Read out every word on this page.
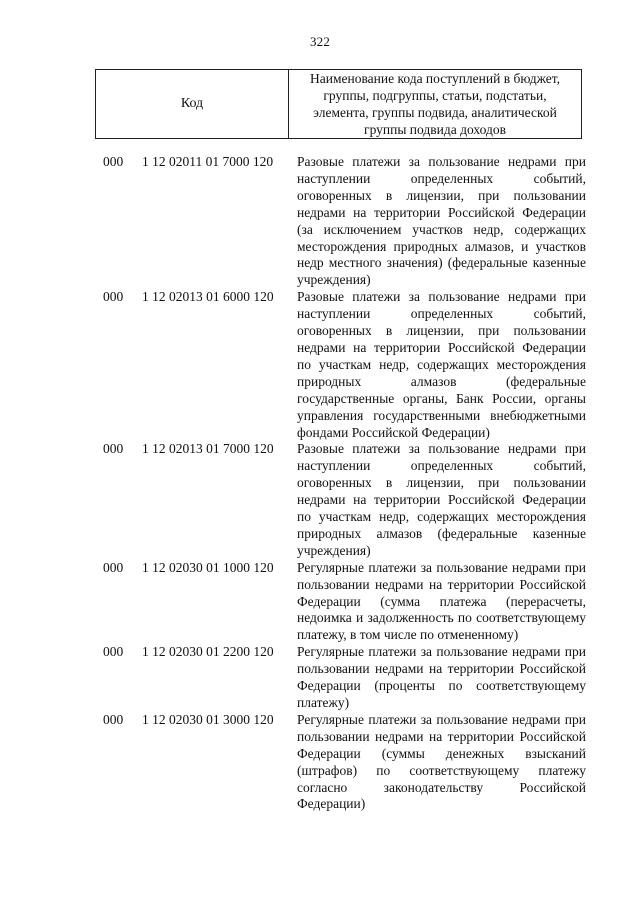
322
Код
Наименование кода поступлений в бюджет, группы, подгруппы, статьи, подстатьи, элемента, группы подвида, аналитической группы подвида доходов
000 1 12 02011 01 7000 120 Разовые платежи за пользование недрами при наступлении определенных событий, оговоренных в лицензии, при пользовании недрами на территории Российской Федерации (за исключением участков недр, содержащих месторождения природных алмазов, и участков недр местного значения) (федеральные казенные учреждения)
000 1 12 02013 01 6000 120 Разовые платежи за пользование недрами при наступлении определенных событий, оговоренных в лицензии, при пользовании недрами на территории Российской Федерации по участкам недр, содержащих месторождения природных алмазов (федеральные государственные органы, Банк России, органы управления государственными внебюджетными фондами Российской Федерации)
000 1 12 02013 01 7000 120 Разовые платежи за пользование недрами при наступлении определенных событий, оговоренных в лицензии, при пользовании недрами на территории Российской Федерации по участкам недр, содержащих месторождения природных алмазов (федеральные казенные учреждения)
000 1 12 02030 01 1000 120 Регулярные платежи за пользование недрами при пользовании недрами на территории Российской Федерации (сумма платежа (перерасчеты, недоимка и задолженность по соответствующему платежу, в том числе по отмененному)
000 1 12 02030 01 2200 120 Регулярные платежи за пользование недрами при пользовании недрами на территории Российской Федерации (проценты по соответствующему платежу)
000 1 12 02030 01 3000 120 Регулярные платежи за пользование недрами при пользовании недрами на территории Российской Федерации (суммы денежных взысканий (штрафов) по соответствующему платежу согласно законодательству Российской Федерации)
